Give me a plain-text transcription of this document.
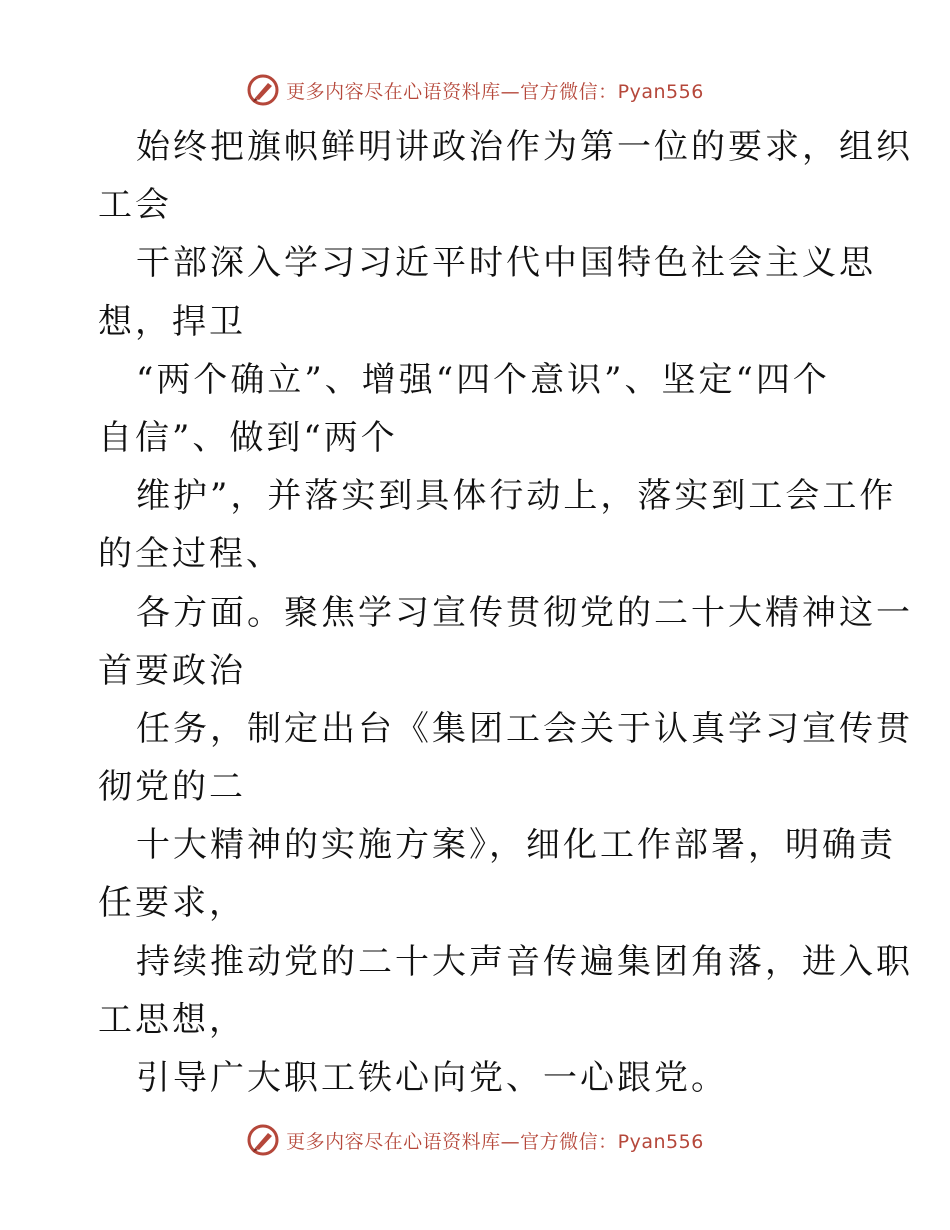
更多内容尽在心语资料库—官方微信：Pyan556
始终把旗帜鲜明讲政治作为第一位的要求，组织
工会
干部深入学习习近平时代中国特色社会主义思
想，捍卫
“两个确立”、增强“四个意识”、坚定“四个
自信”、做到“两个
维护”，并落实到具体行动上，落实到工会工作
的全过程、
各方面。聚焦学习宣传贯彻党的二十大精神这一
首要政治
任务，制定出台《集团工会关于认真学习宣传贯
彻党的二
十大精神的实施方案》，细化工作部署，明确责
任要求，
持续推动党的二十大声音传遍集团角落，进入职
工思想，
引导广大职工铁心向党、一心跟党。
更多内容尽在心语资料库—官方微信：Pyan556
